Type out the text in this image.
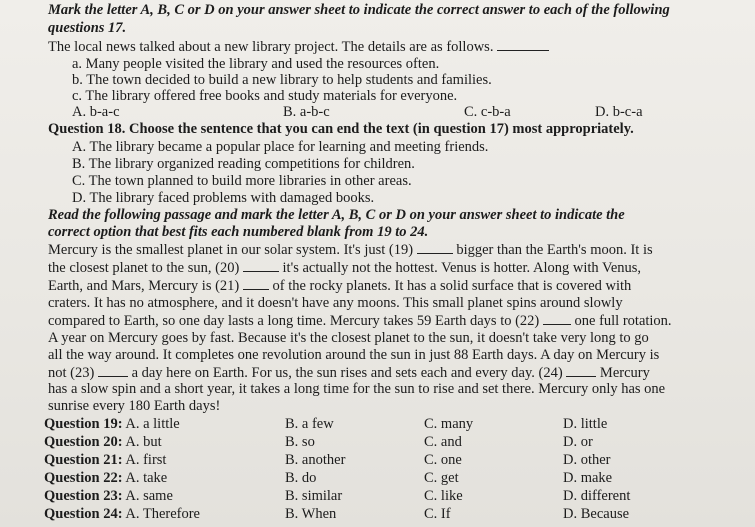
Mark the letter A, B, C or D on your answer sheet to indicate the correct answer to each of the following
questions 17.
The local news talked about a new library project. The details are as follows.
a. Many people visited the library and used the resources often.
b. The town decided to build a new library to help students and families.
c. The library offered free books and study materials for everyone.
A. b-a-c	B. a-b-c	C. c-b-a	D. b-c-a
Question 18. Choose the sentence that you can end the text (in question 17) most appropriately.
A. The library became a popular place for learning and meeting friends.
B. The library organized reading competitions for children.
C. The town planned to build more libraries in other areas.
D. The library faced problems with damaged books.
Read the following passage and mark the letter A, B, C or D on your answer sheet to indicate the
correct option that best fits each numbered blank from 19 to 24.
Mercury is the smallest planet in our solar system. It's just (19)	bigger than the Earth's moon. It is
the closest planet to the sun, (20)	it's actually not the hottest. Venus is hotter. Along with Venus,
Earth, and Mars, Mercury is (21) of the rocky planets. It has a solid surface that is covered with
craters. It has no atmosphere, and it doesn't have any moons. This small planet spins around slowly
compared to Earth, so one day lasts a long time. Mercury takes 59 Earth days to (22) one full rotation.
A year on Mercury goes by fast. Because it's the closest planet to the sun, it doesn't take very long to go
all the way around. It completes one revolution around the sun in just 88 Earth days. A day on Mercury is
not (23)	a day here on Earth. For us, the sun rises and sets each and every day. (24)	Mercury
has a slow spin and a short year, it takes a long time for the sun to rise and set there. Mercury only has one
sunrise every 180 Earth days!
Question 19: A. a little	B. a few	C. many	D. little
Question 20: A. but	B. so	C. and	D. or
Question 21: A. first	B. another	C. one	D. other
Question 22: A. take	B. do	C. get	D. make
Question 23: A. same	B. similar	C. like	D. different
Question 24: A. Therefore	B. When	C. If	D. Because
